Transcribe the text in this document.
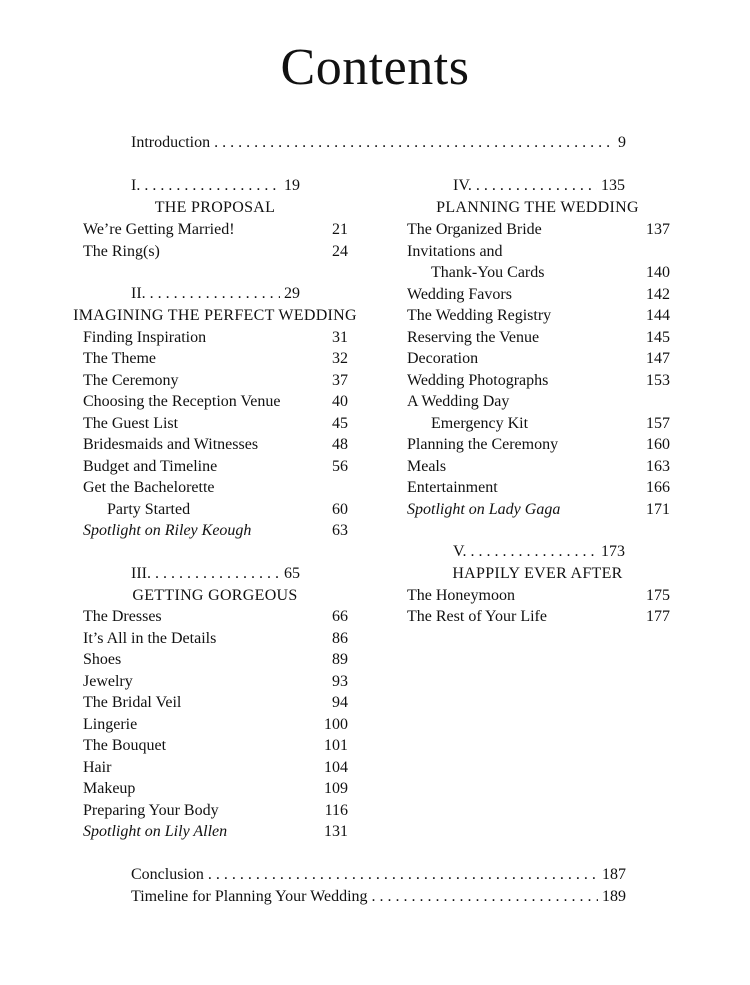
Contents
Introduction . . .	9
I. . . .	19
THE PROPOSAL
We’re Getting Married!	21
The Ring(s)	24
II. . . .	29
IMAGINING THE PERFECT WEDDING
Finding Inspiration	31
The Theme	32
The Ceremony	37
Choosing the Reception Venue	40
The Guest List	45
Bridesmaids and Witnesses	48
Budget and Timeline	56
Get the Bachelorette
Party Started	60
Spotlight on Riley Keough	63
III. . . .	65
GETTING GORGEOUS
The Dresses	66
It’s All in the Details	86
Shoes	89
Jewelry	93
The Bridal Veil	94
Lingerie	100
The Bouquet	101
Hair	104
Makeup	109
Preparing Your Body	116
Spotlight on Lily Allen	131
IV. . . .	135
PLANNING THE WEDDING
The Organized Bride	137
Invitations and
Thank-You Cards	140
Wedding Favors	142
The Wedding Registry	144
Reserving the Venue	145
Decoration	147
Wedding Photographs	153
A Wedding Day
Emergency Kit	157
Planning the Ceremony	160
Meals	163
Entertainment	166
Spotlight on Lady Gaga	171
V. . . .	173
HAPPILY EVER AFTER
The Honeymoon	175
The Rest of Your Life	177
Conclusion . . .	187
Timeline for Planning Your Wedding . . .	189
